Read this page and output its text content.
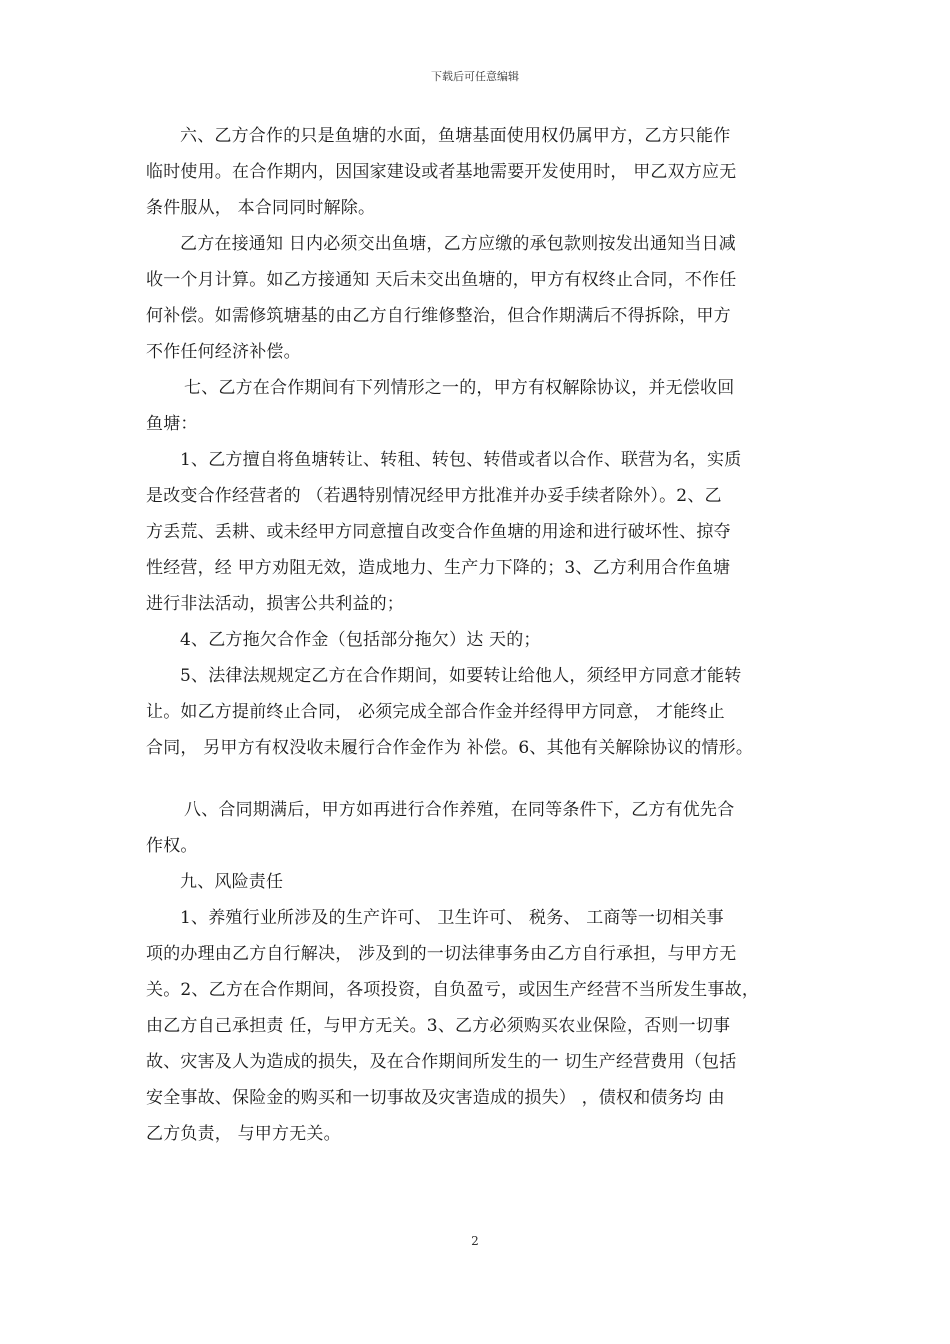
下载后可任意编辑
六、乙方合作的只是鱼塘的水面，鱼塘基面使用权仍属甲方，乙方只能作
临时使用。在合作期内，因国家建设或者基地需要开发使用时， 甲乙双方应无
条件服从， 本合同同时解除。
乙方在接通知 日内必须交出鱼塘，乙方应缴的承包款则按发出通知当日减
收一个月计算。如乙方接通知 天后未交出鱼塘的，甲方有权终止合同，不作任
何补偿。如需修筑塘基的由乙方自行维修整治，但合作期满后不得拆除，甲方
不作任何经济补偿。
七、乙方在合作期间有下列情形之一的，甲方有权解除协议，并无偿收回
鱼塘：
1、乙方擅自将鱼塘转让、转租、转包、转借或者以合作、联营为名，实质
是改变合作经营者的 （若遇特别情况经甲方批准并办妥手续者除外）。2、乙
方丢荒、丢耕、或未经甲方同意擅自改变合作鱼塘的用途和进行破坏性、掠夺
性经营，经 甲方劝阻无效，造成地力、生产力下降的；3、乙方利用合作鱼塘
进行非法活动，损害公共利益的；
4、乙方拖欠合作金（包括部分拖欠）达 天的；
5、法律法规规定乙方在合作期间，如要转让给他人，须经甲方同意才能转
让。如乙方提前终止合同， 必须完成全部合作金并经得甲方同意， 才能终止
合同， 另甲方有权没收未履行合作金作为 补偿。6、其他有关解除协议的情形。
八、合同期满后，甲方如再进行合作养殖，在同等条件下，乙方有优先合
作权。
九、风险责任
1、养殖行业所涉及的生产许可、 卫生许可、 税务、 工商等一切相关事
项的办理由乙方自行解决， 涉及到的一切法律事务由乙方自行承担，与甲方无
关。2、乙方在合作期间，各项投资，自负盈亏，或因生产经营不当所发生事故，
由乙方自己承担责 任，与甲方无关。3、乙方必须购买农业保险，否则一切事
故、灾害及人为造成的损失，及在合作期间所发生的一 切生产经营费用（包括
安全事故、保险金的购买和一切事故及灾害造成的损失） ，债权和债务均 由
乙方负责， 与甲方无关。
2
